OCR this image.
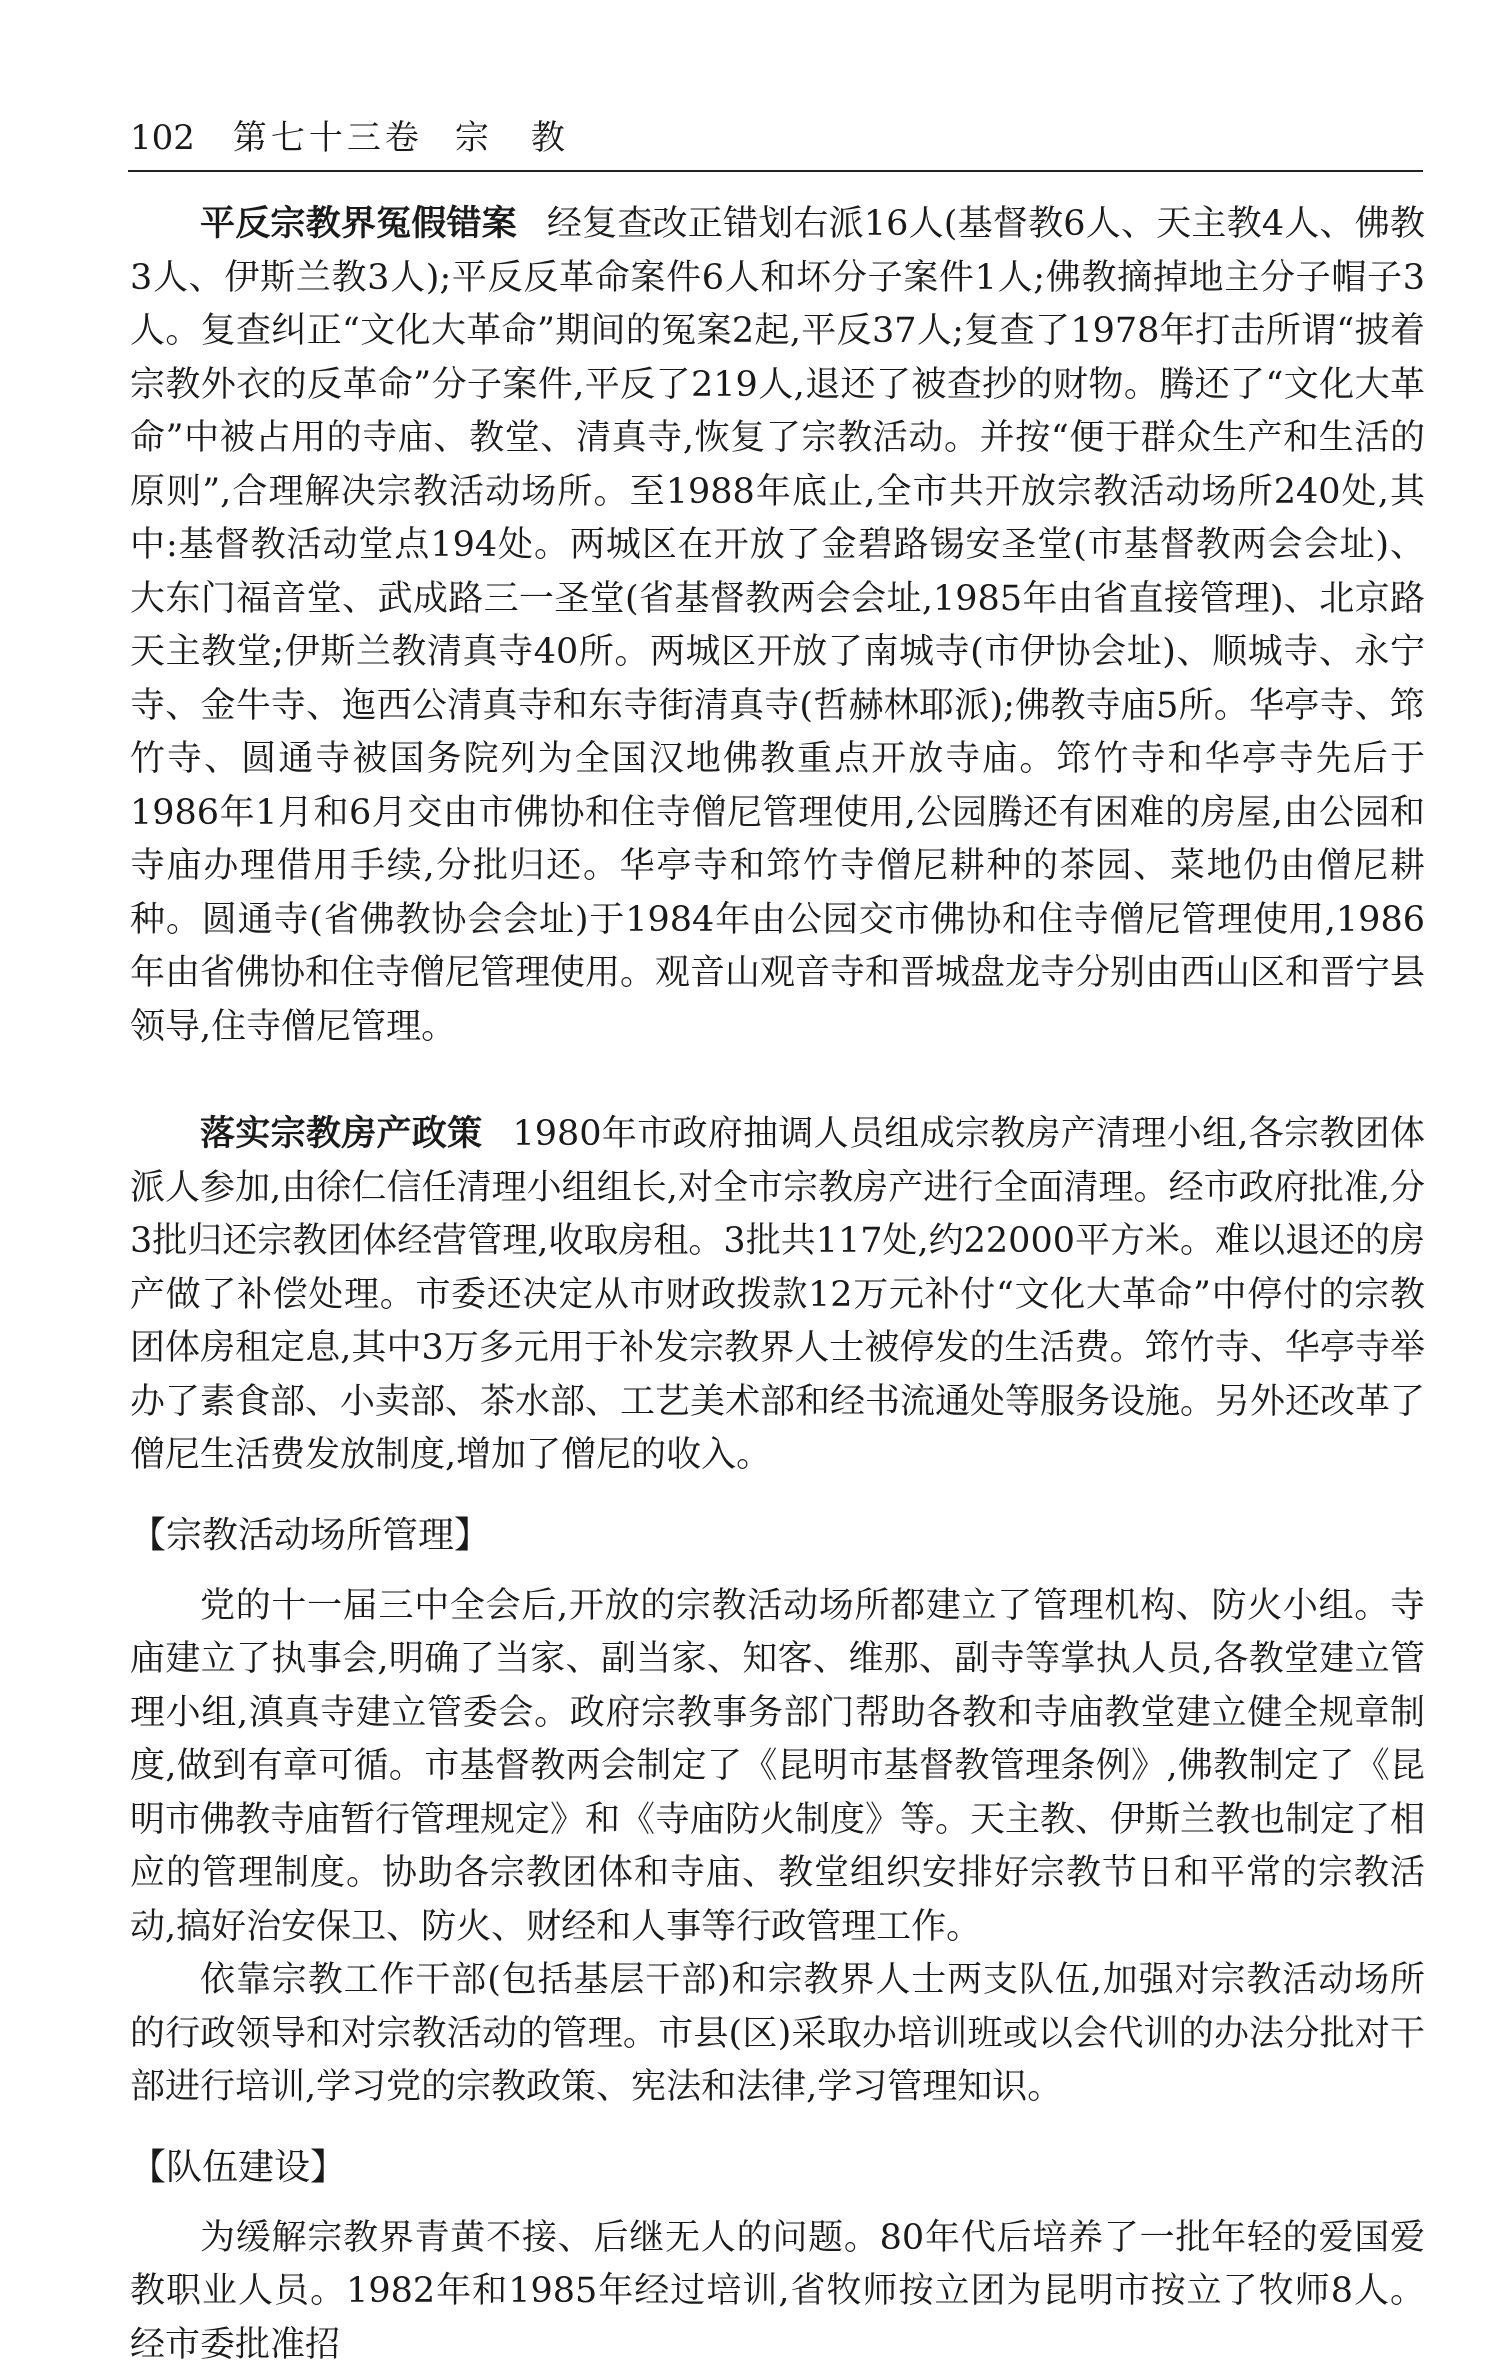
102 第七十三卷 宗　教

平反宗教界冤假错案 经复查改正错划右派16人(基督教6人、天主教4人、佛教3人、伊斯兰教3人);平反反革命案件6人和坏分子案件1人;佛教摘掉地主分子帽子3人。复查纠正“文化大革命”期间的冤案2起,平反37人;复查了1978年打击所谓“披着宗教外衣的反革命”分子案件,平反了219人,退还了被查抄的财物。腾还了“文化大革命”中被占用的寺庙、教堂、清真寺,恢复了宗教活动。并按“便于群众生产和生活的原则”,合理解决宗教活动场所。至1988年底止,全市共开放宗教活动场所240处,其中:基督教活动堂点194处。两城区在开放了金碧路锡安圣堂(市基督教两会会址)、大东门福音堂、武成路三一圣堂(省基督教两会会址,1985年由省直接管理)、北京路天主教堂;伊斯兰教清真寺40所。两城区开放了南城寺(市伊协会址)、顺城寺、永宁寺、金牛寺、迤西公清真寺和东寺街清真寺(哲赫林耶派);佛教寺庙5所。华亭寺、筇竹寺、圆通寺被国务院列为全国汉地佛教重点开放寺庙。筇竹寺和华亭寺先后于1986年1月和6月交由市佛协和住寺僧尼管理使用,公园腾还有困难的房屋,由公园和寺庙办理借用手续,分批归还。华亭寺和筇竹寺僧尼耕种的茶园、菜地仍由僧尼耕种。圆通寺(省佛教协会会址)于1984年由公园交市佛协和住寺僧尼管理使用,1986年由省佛协和住寺僧尼管理使用。观音山观音寺和晋城盘龙寺分别由西山区和晋宁县领导,住寺僧尼管理。

落实宗教房产政策 1980年市政府抽调人员组成宗教房产清理小组,各宗教团体派人参加,由徐仁信任清理小组组长,对全市宗教房产进行全面清理。经市政府批准,分3批归还宗教团体经营管理,收取房租。3批共117处,约22000平方米。难以退还的房产做了补偿处理。市委还决定从市财政拨款12万元补付“文化大革命”中停付的宗教团体房租定息,其中3万多元用于补发宗教界人士被停发的生活费。筇竹寺、华亭寺举办了素食部、小卖部、茶水部、工艺美术部和经书流通处等服务设施。另外还改革了僧尼生活费发放制度,增加了僧尼的收入。

【宗教活动场所管理】

党的十一届三中全会后,开放的宗教活动场所都建立了管理机构、防火小组。寺庙建立了执事会,明确了当家、副当家、知客、维那、副寺等掌执人员,各教堂建立管理小组,滇真寺建立管委会。政府宗教事务部门帮助各教和寺庙教堂建立健全规章制度,做到有章可循。市基督教两会制定了《昆明市基督教管理条例》,佛教制定了《昆明市佛教寺庙暂行管理规定》和《寺庙防火制度》等。天主教、伊斯兰教也制定了相应的管理制度。协助各宗教团体和寺庙、教堂组织安排好宗教节日和平常的宗教活动,搞好治安保卫、防火、财经和人事等行政管理工作。

依靠宗教工作干部(包括基层干部)和宗教界人士两支队伍,加强对宗教活动场所的行政领导和对宗教活动的管理。市县(区)采取办培训班或以会代训的办法分批对干部进行培训,学习党的宗教政策、宪法和法律,学习管理知识。

【队伍建设】

为缓解宗教界青黄不接、后继无人的问题。80年代后培养了一批年轻的爱国爱教职业人员。1982年和1985年经过培训,省牧师按立团为昆明市按立了牧师8人。经市委批准招
